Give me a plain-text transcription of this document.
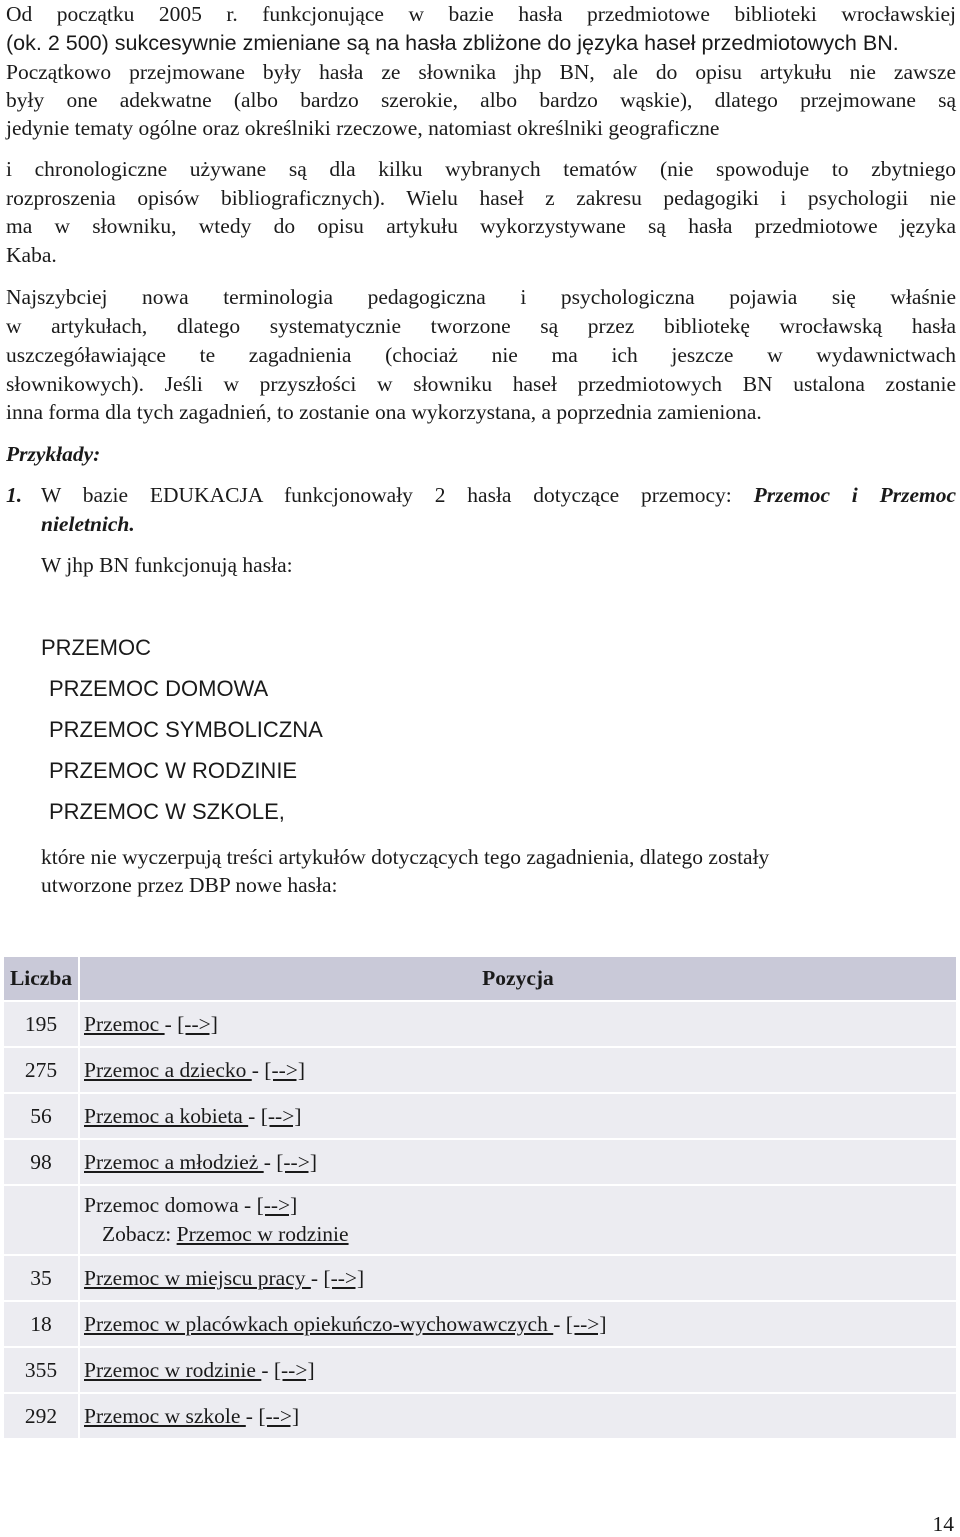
Od początku 2005 r. funkcjonujące w bazie hasła przedmiotowe biblioteki wrocławskiej
(ok. 2 500) sukcesywnie zmieniane są na hasła zbliżone do języka haseł przedmiotowych BN.
Początkowo przejmowane były hasła ze słownika jhp BN, ale do opisu artykułu nie zawsze
były one adekwatne (albo bardzo szerokie, albo bardzo wąskie), dlatego przejmowane są
jedynie tematy ogólne oraz określniki rzeczowe, natomiast określniki geograficzne
i chronologiczne używane są dla kilku wybranych tematów (nie spowoduje to zbytniego
rozproszenia opisów bibliograficznych). Wielu haseł z zakresu pedagogiki i psychologii nie
ma w słowniku, wtedy do opisu artykułu wykorzystywane są hasła przedmiotowe języka
Kaba.
Najszybciej nowa terminologia pedagogiczna i psychologiczna pojawia się właśnie
w artykułach, dlatego systematycznie tworzone są przez bibliotekę wrocławską hasła
uszczegóławiające te zagadnienia (chociaż nie ma ich jeszcze w wydawnictwach
słownikowych). Jeśli w przyszłości w słowniku haseł przedmiotowych BN ustalona zostanie
inna forma dla tych zagadnień, to zostanie ona wykorzystana, a poprzednia zamieniona.
Przykłady:
1. W bazie EDUKACJA funkcjonowały 2 hasła dotyczące przemocy: Przemoc i Przemoc
nieletnich.
W jhp BN funkcjonują hasła:
PRZEMOC
PRZEMOC DOMOWA
PRZEMOC SYMBOLICZNA
PRZEMOC W RODZINIE
PRZEMOC W SZKOLE,
które nie wyczerpują treści artykułów dotyczących tego zagadnienia, dlatego zostały
utworzone przez DBP nowe hasła:
Liczba	Pozycja
195	Przemoc - [-->]
275	Przemoc a dziecko - [-->]
56	Przemoc a kobieta - [-->]
98	Przemoc a młodzież - [-->]
	Przemoc domowa - [-->]
Zobacz: Przemoc w rodzinie

35	Przemoc w miejscu pracy - [-->]
18	Przemoc w placówkach opiekuńczo-wychowawczych - [-->]
355	Przemoc w rodzinie - [-->]
292	Przemoc w szkole - [-->]
14
